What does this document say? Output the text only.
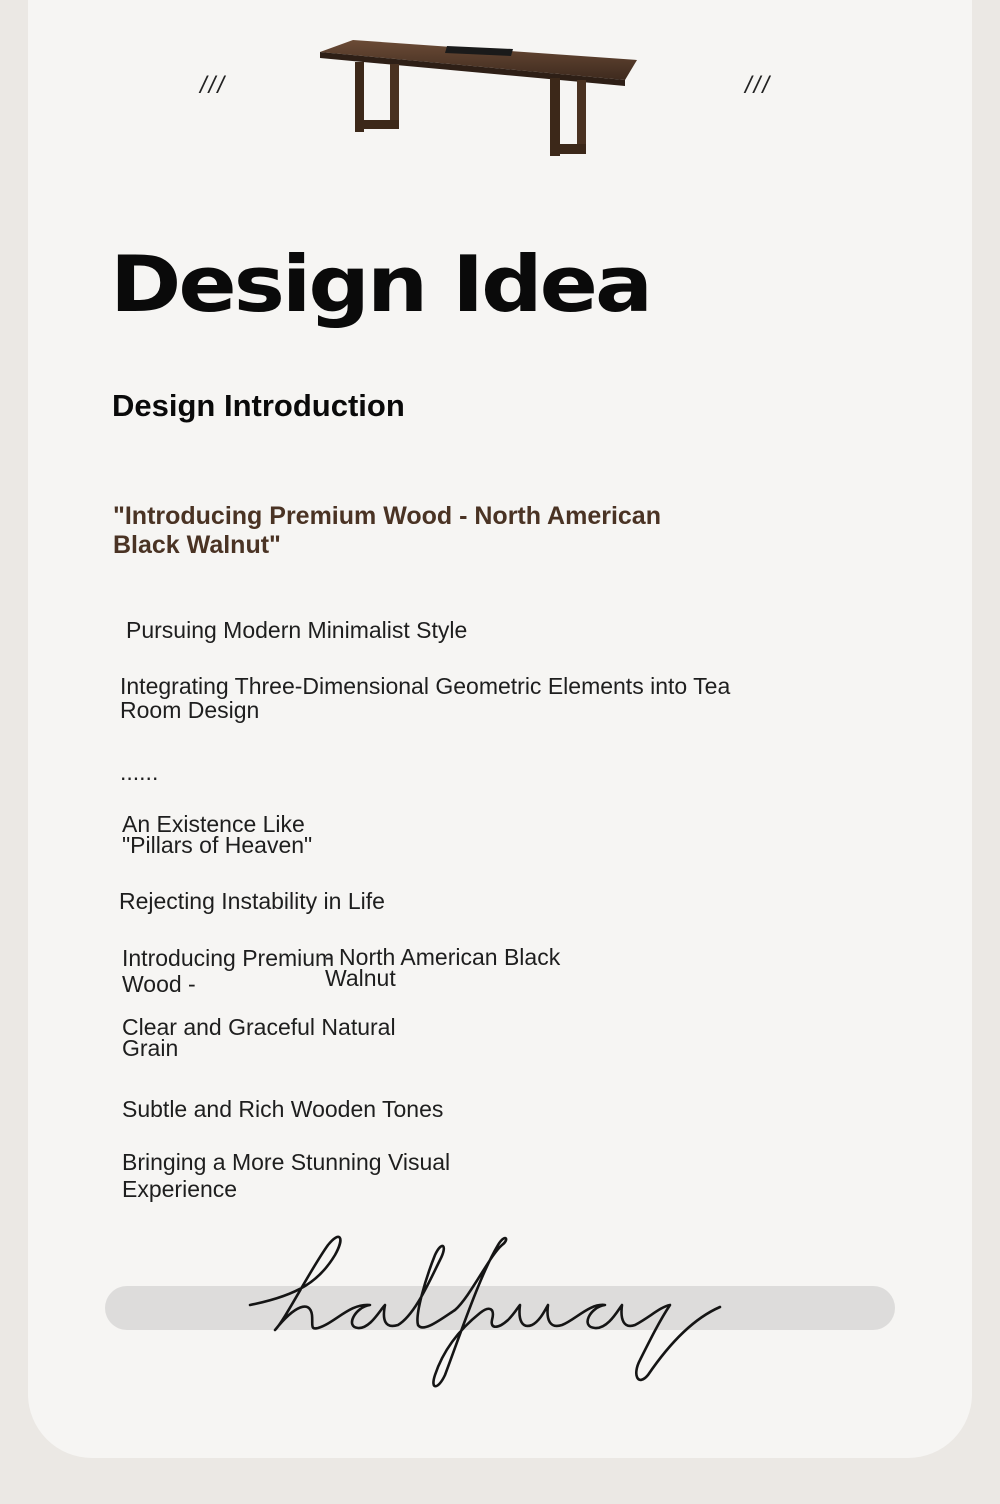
///	///
Design Idea
Design Introduction
"Introducing Premium Wood - North American Black Walnut"
Pursuing Modern Minimalist Style
Integrating Three-Dimensional Geometric Elements into Tea Room Design
......
An Existence Like "Pillars of Heaven"
Rejecting Instability in Life
Introducing Premium Wood -
- North American Black Walnut
Clear and Graceful Natural Grain
Subtle and Rich Wooden Tones
Bringing a More Stunning Visual Experience
